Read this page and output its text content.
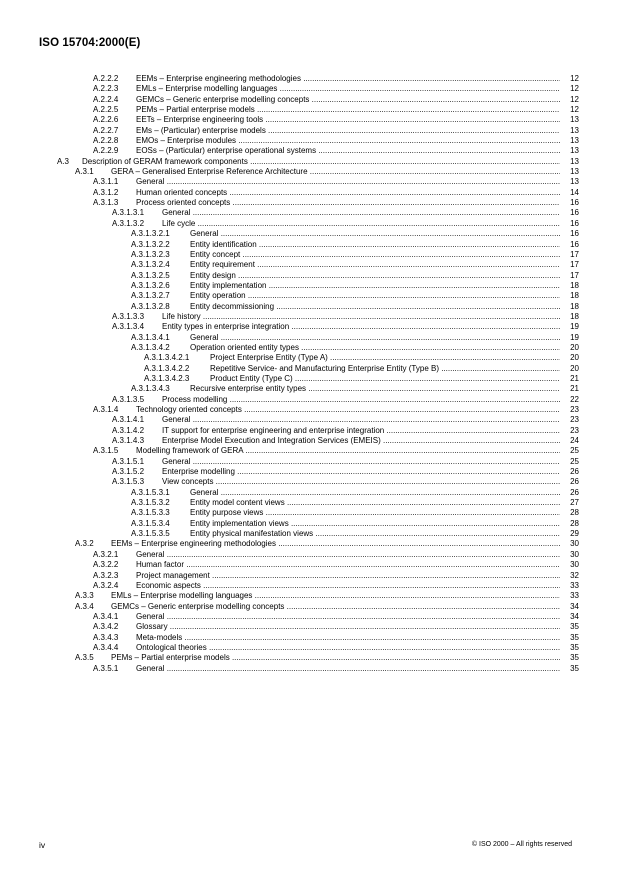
ISO 15704:2000(E)
A.2.2.2 EEMs – Enterprise engineering methodologies .....	12
A.2.2.3 EMLs – Enterprise modelling languages .....	12
A.2.2.4 GEMCs – Generic enterprise modelling concepts .....	12
A.2.2.5 PEMs – Partial enterprise models .....	12
A.2.2.6 EETs – Enterprise engineering tools .....	13
A.2.2.7 EMs – (Particular) enterprise models .....	13
A.2.2.8 EMOs – Enterprise modules .....	13
A.2.2.9 EOSs – (Particular) enterprise operational systems .....	13
A.3 Description of GERAM framework components .....	13
A.3.1 GERA – Generalised Enterprise Reference Architecture .....	13
A.3.1.1 General .....	13
A.3.1.2 Human oriented concepts .....	14
A.3.1.3 Process oriented concepts .....	16
A.3.1.3.1 General .....	16
A.3.1.3.2 Life cycle .....	16
A.3.1.3.2.1	General .....	16
A.3.1.3.2.2	Entity identification .....	16
A.3.1.3.2.3	Entity concept .....	17
A.3.1.3.2.4	Entity requirement .....	17
A.3.1.3.2.5	Entity design .....	17
A.3.1.3.2.6	Entity implementation .....	18
A.3.1.3.2.7	Entity operation .....	18
A.3.1.3.2.8	Entity decommissioning .....	18
A.3.1.3.3 Life history .....	18
A.3.1.3.4 Entity types in enterprise integration .....	19
A.3.1.3.4.1	General .....	19
A.3.1.3.4.2	Operation oriented entity types .....	20
A.3.1.3.4.2.1	Project Enterprise Entity (Type A) .....	20
A.3.1.3.4.2.2	Repetitive Service- and Manufacturing Enterprise Entity (Type B) .....	20
A.3.1.3.4.2.3	Product Entity (Type C) .....	21
A.3.1.3.4.3	Recursive enterprise entity types .....	21
A.3.1.3.5 Process modelling .....	22
A.3.1.4 Technology oriented concepts .....	23
A.3.1.4.1 General .....	23
A.3.1.4.2 IT support for enterprise engineering and enterprise integration .....	23
A.3.1.4.3 Enterprise Model Execution and Integration Services (EMEIS) .....	24
A.3.1.5 Modelling framework of GERA .....	25
A.3.1.5.1 General .....	25
A.3.1.5.2 Enterprise modelling .....	26
A.3.1.5.3 View concepts .....	26
A.3.1.5.3.1	General .....	26
A.3.1.5.3.2	Entity model content views .....	27
A.3.1.5.3.3	Entity purpose views .....	28
A.3.1.5.3.4	Entity implementation views .....	28
A.3.1.5.3.5	Entity physical manifestation views .....	29
A.3.2 EEMs – Enterprise engineering methodologies .....	30
A.3.2.1 General .....	30
A.3.2.2 Human factor .....	30
A.3.2.3 Project management .....	32
A.3.2.4 Economic aspects .....	33
A.3.3 EMLs – Enterprise modelling languages .....	33
A.3.4 GEMCs – Generic enterprise modelling concepts .....	34
A.3.4.1 General .....	34
A.3.4.2 Glossary .....	35
A.3.4.3 Meta-models .....	35
A.3.4.4 Ontological theories .....	35
A.3.5 PEMs – Partial enterprise models .....	35
A.3.5.1 General .....	35
iv	© ISO 2000 – All rights reserved
